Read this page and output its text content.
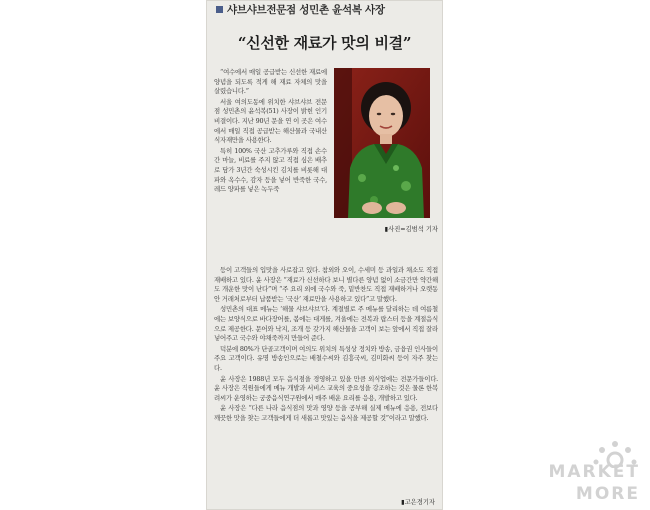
샤브샤브전문점 성민촌 윤석복 사장
“신선한 재료가 맛의 비결”

“여수에서 매일 공급받는 신선한 재료에 양념을 되도록 적게 해 재료 자체의 맛을 살렸습니다.”

서울 여의도동에 위치한 샤브샤브 전문점 성민촌의 윤석복(51) 사장이 밝힌 인기 비결이다. 지난 90년 문을 연 이 곳은 여수에서 매일 직접 공급받는 해산물과 국내산 식자재만을 사용한다.

특히 100% 국산 고추가루와 직접 손수 간 마늘, 비료를 주지 않고 직접 심은 배추로 담가 3년간 숙성시킨 김치를 비롯해 대파와 옥수수, 감자 등을 넣어 반죽한 국수, 레드 양파를 넣은 녹두죽

▮사진=김범석 기자

등이 고객들의 입맛을 사로잡고 있다. 참외와 오이, 수세미 등 과일과 채소도 직접 재배하고 있다. 윤 사장은 “재료가 신선하다 보니 별다른 양념 없이 소금간만 약간해도 개운한 맛이 난다”며 “주 요리 외에 국수와 죽, 밑반찬도 직접 재배하거나 오랫동안 거래처로부터 납품받는 ‘국산’ 재료만을 사용하고 있다”고 말했다.

성민촌의 대표 메뉴는 ‘해물 샤브샤브’다. 계절별로 주 메뉴를 달리하는 데 여름철에는 보양식으로 바다장어를, 봄에는 대게를, 겨울에는 전복과 랍스터 등을 계절음식으로 제공한다. 문어와 낙지, 조개 등 갖가지 해산물을 고객이 보는 앞에서 직접 잘라 넣어주고 국수와 야채죽까지 만들어 준다.

덕분에 80%가 단골고객이며 여의도 위치의 특성상 정치와 방송, 금융권 인사들이 주요 고객이다. 유명 방송인으로는 배철수씨와 김흥국씨, 김미화씨 등이 자주 찾는다.

윤 사장은 1988년 모두 음식점을 경영하고 있을 만큼 외식업에는 전문가들이다. 윤 사장은 직원들에게 메뉴 개발과 서비스 교육의 중요성을 강조하는 것은 물론 한복려씨가 운영하는 궁중음식연구원에서 매주 배운 요리를 응용, 개발하고 있다.

윤 사장은 “다른 나라 음식점의 맛과 영양 등을 공부해 실제 메뉴에 응용, 전보다 깨끗한 맛을 찾는 고객들에게 더 새롭고 맛있는 음식을 제공할 것”이라고 말했다.

▮고은경기자
MARKET
MORE
